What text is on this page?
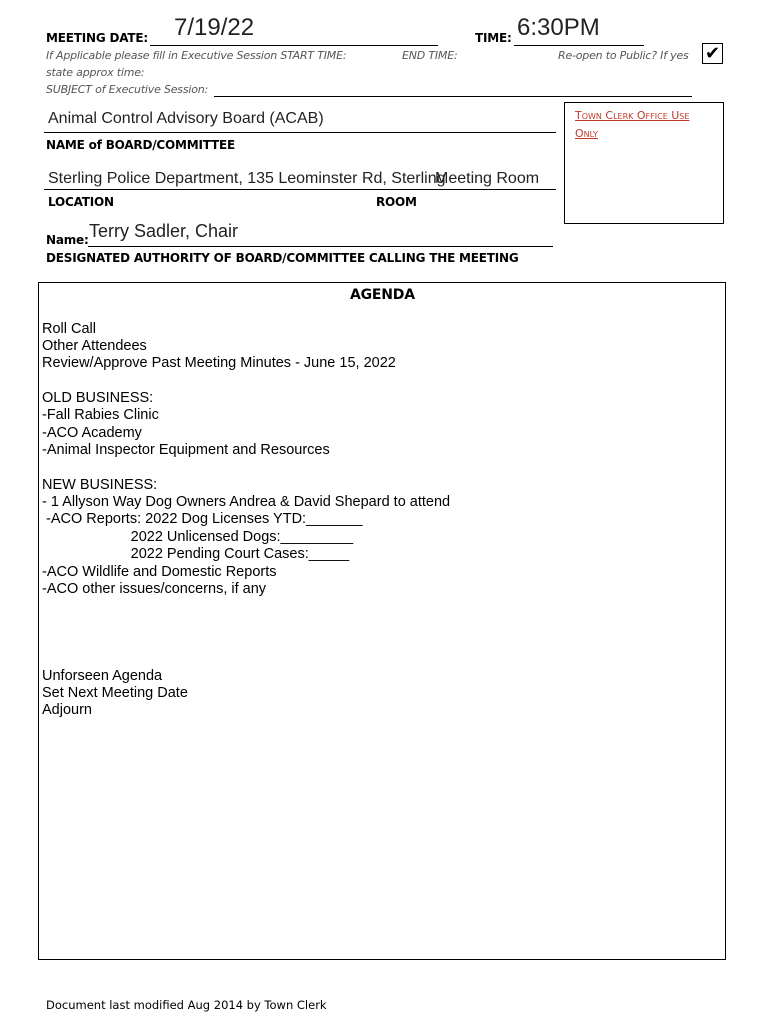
MEETING DATE: 7/19/22	TIME: 6:30PM
If Applicable please fill in Executive Session START TIME:	END TIME:	Re-open to Public? If yes ✔
state approx time:
SUBJECT of Executive Session:
Animal Control Advisory Board (ACAB)
NAME of BOARD/COMMITTEE
Sterling Police Department, 135 Leominster Rd, Sterling
Meeting Room
LOCATION	ROOM
Name: Terry Sadler, Chair
DESIGNATED AUTHORITY OF BOARD/COMMITTEE CALLING THE MEETING
Town Clerk Office Use
Only
AGENDA
Roll Call
Other Attendees
Review/Approve Past Meeting Minutes - June 15, 2022
OLD BUSINESS:
-Fall Rabies Clinic
-ACO Academy
-Animal Inspector Equipment and Resources
NEW BUSINESS:
- 1 Allyson Way Dog Owners Andrea & David Shepard to attend
-ACO Reports: 2022 Dog Licenses YTD:_______
2022 Unlicensed Dogs:_________
2022 Pending Court Cases:_____
-ACO Wildlife and Domestic Reports
-ACO other issues/concerns, if any
Unforseen Agenda
Set Next Meeting Date
Adjourn
Document last modified Aug 2014 by Town Clerk
